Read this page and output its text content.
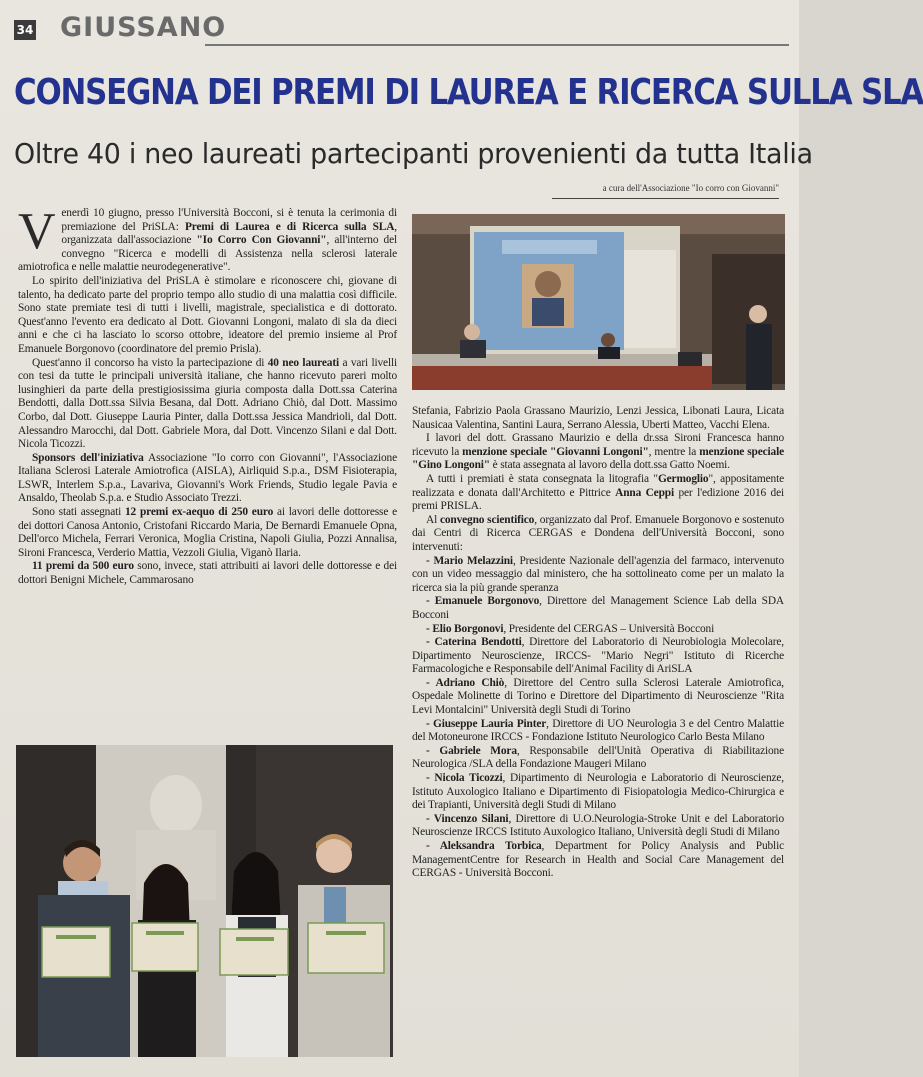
34 GIUSSANO
CONSEGNA DEI PREMI DI LAUREA E RICERCA SULLA SLA
Oltre 40 i neo laureati partecipanti provenienti da tutta Italia
a cura dell'Associazione "Io corro con Giovanni"

Venerdì 10 giugno, presso l'Università Bocconi, si è tenuta la cerimonia di premiazione del PriSLA: Premi di Laurea e di Ricerca sulla SLA, organizzata dall'associazione "Io Corro Con Giovanni", all'interno del convegno "Ricerca e modelli di Assistenza nella sclerosi laterale amiotrofica e nelle malattie neurodegenerative".

Lo spirito dell'iniziativa del PriSLA è stimolare e riconoscere chi, giovane di talento, ha dedicato parte del proprio tempo allo studio di una malattia così difficile. Sono state premiate tesi di tutti i livelli, magistrale, specialistica e di dottorato. Quest'anno l'evento era dedicato al Dott. Giovanni Longoni, malato di sla da dieci anni e che ci ha lasciato lo scorso ottobre, ideatore del premio insieme al Prof Emanuele Borgonovo (coordinatore del premio Prisla).

Quest'anno il concorso ha visto la partecipazione di 40 neo laureati a vari livelli con tesi da tutte le principali università italiane, che hanno ricevuto pareri molto lusinghieri da parte della prestigiosissima giuria composta dalla Dott.ssa Caterina Bendotti, dalla Dott.ssa Silvia Besana, dal Dott. Adriano Chiò, dal Dott. Massimo Corbo, dal Dott. Giuseppe Lauria Pinter, dalla Dott.ssa Jessica Mandrioli, dal Dott. Alessandro Marocchi, dal Dott. Gabriele Mora, dal Dott. Vincenzo Silani e dal Dott. Nicola Ticozzi.

Sponsors dell'iniziativa Associazione "Io corro con Giovanni", l'Associazione Italiana Sclerosi Laterale Amiotrofica (AISLA), Airliquid S.p.a., DSM Fisioterapia, LSWR, Interlem S.p.a., Lavariva, Giovanni's Work Friends, Studio legale Pavia e Ansaldo, Theolab S.p.a. e Studio Associato Trezzi.

Sono stati assegnati 12 premi ex-aequo di 250 euro ai lavori delle dottoresse e dei dottori Canosa Antonio, Cristofani Riccardo Maria, De Bernardi Emanuele Opna, Dell'orco Michela, Ferrari Veronica, Moglia Cristina, Napoli Giulia, Pozzi Annalisa, Sironi Francesca, Verderio Mattia, Vezzoli Giulia, Viganò Ilaria.

11 premi da 500 euro sono, invece, stati attribuiti ai lavori delle dottoresse e dei dottori Benigni Michele, Cammarosano

Stefania, Fabrizio Paola Grassano Maurizio, Lenzi Jessica, Libonati Laura, Licata Nausicaa Valentina, Santini Laura, Serrano Alessia, Uberti Matteo, Vacchi Elena.

I lavori del dott. Grassano Maurizio e della dr.ssa Sironi Francesca hanno ricevuto la menzione speciale "Giovanni Longoni", mentre la menzione speciale "Gino Longoni" è stata assegnata al lavoro della dott.ssa Gatto Noemi.

A tutti i premiati è stata consegnata la litografia "Germoglio", appositamente realizzata e donata dall'Architetto e Pittrice Anna Ceppi per l'edizione 2016 dei premi PRISLA.

Al convegno scientifico, organizzato dal Prof. Emanuele Borgonovo e sostenuto dai Centri di Ricerca CERGAS e Dondena dell'Università Bocconi, sono intervenuti:

- Mario Melazzini, Presidente Nazionale dell'agenzia del farmaco, intervenuto con un video messaggio dal ministero, che ha sottolineato come per un malato la ricerca sia la più grande speranza

- Emanuele Borgonovo, Direttore del Management Science Lab della SDA Bocconi

- Elio Borgonovi, Presidente del CERGAS – Università Bocconi

- Caterina Bendotti, Direttore del Laboratorio di Neurobiologia Molecolare, Dipartimento Neuroscienze, IRCCS- "Mario Negri" Istituto di Ricerche Farmacologiche e Responsabile dell'Animal Facility di AriSLA

- Adriano Chiò, Direttore del Centro sulla Sclerosi Laterale Amiotrofica, Ospedale Molinette di Torino e Direttore del Dipartimento di Neuroscienze "Rita Levi Montalcini" Università degli Studi di Torino

- Giuseppe Lauria Pinter, Direttore di UO Neurologia 3 e del Centro Malattie del Motoneurone IRCCS - Fondazione Istituto Neurologico Carlo Besta Milano

- Gabriele Mora, Responsabile dell'Unità Operativa di Riabilitazione Neurologica /SLA della Fondazione Maugeri Milano

- Nicola Ticozzi, Dipartimento di Neurologia e Laboratorio di Neuroscienze, Istituto Auxologico Italiano e Dipartimento di Fisiopatologia Medico-Chirurgica e dei Trapianti, Università degli Studi di Milano

- Vincenzo Silani, Direttore di U.O.Neurologia-Stroke Unit e del Laboratorio Neuroscienze IRCCS Istituto Auxologico Italiano, Università degli Studi di Milano

- Aleksandra Torbica, Department for Policy Analysis and Public ManagementCentre for Research in Health and Social Care Management del CERGAS - Università Bocconi.
